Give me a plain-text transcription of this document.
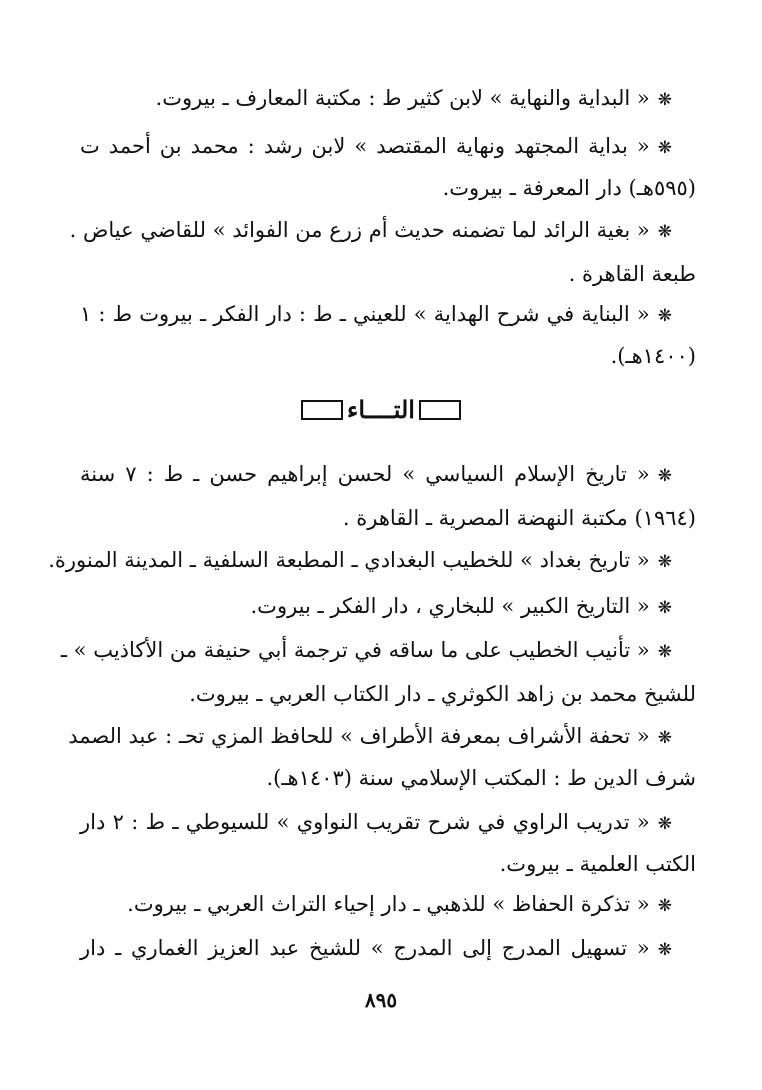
❋« البداية والنهاية » لابن كثير ط : مكتبة المعارف ـ بيروت.
❋« بداية المجتهد ونهاية المقتصد » لابن رشد : محمد بن أحمد ت
(٥٩٥هـ) دار المعرفة ـ بيروت.
❋« بغية الرائد لما تضمنه حديث أم زرع من الفوائد » للقاضي عياض .
طبعة القاهرة .
❋« البناية في شرح الهداية » للعيني ـ ط : دار الفكر ـ بيروت ط : ١
(١٤٠٠هـ).
التــــاء
❋« تاريخ الإسلام السياسي » لحسن إبراهيم حسن ـ ط : ٧ سنة
(١٩٦٤) مكتبة النهضة المصرية ـ القاهرة .
❋« تاريخ بغداد » للخطيب البغدادي ـ المطبعة السلفية ـ المدينة المنورة.
❋« التاريخ الكبير » للبخاري ، دار الفكر ـ بيروت.
❋« تأنيب الخطيب على ما ساقه في ترجمة أبي حنيفة من الأكاذيب » ـ
للشيخ محمد بن زاهد الكوثري ـ دار الكتاب العربي ـ بيروت.
❋« تحفة الأشراف بمعرفة الأطراف » للحافظ المزي تحـ : عبد الصمد
شرف الدين ط : المكتب الإسلامي سنة (١٤٠٣هـ).
❋« تدريب الراوي في شرح تقريب النواوي » للسيوطي ـ ط : ٢ دار
الكتب العلمية ـ بيروت.
❋« تذكرة الحفاظ » للذهبي ـ دار إحياء التراث العربي ـ بيروت.
❋« تسهيل المدرج إلى المدرج » للشيخ عبد العزيز الغماري ـ دار
٨٩٥
